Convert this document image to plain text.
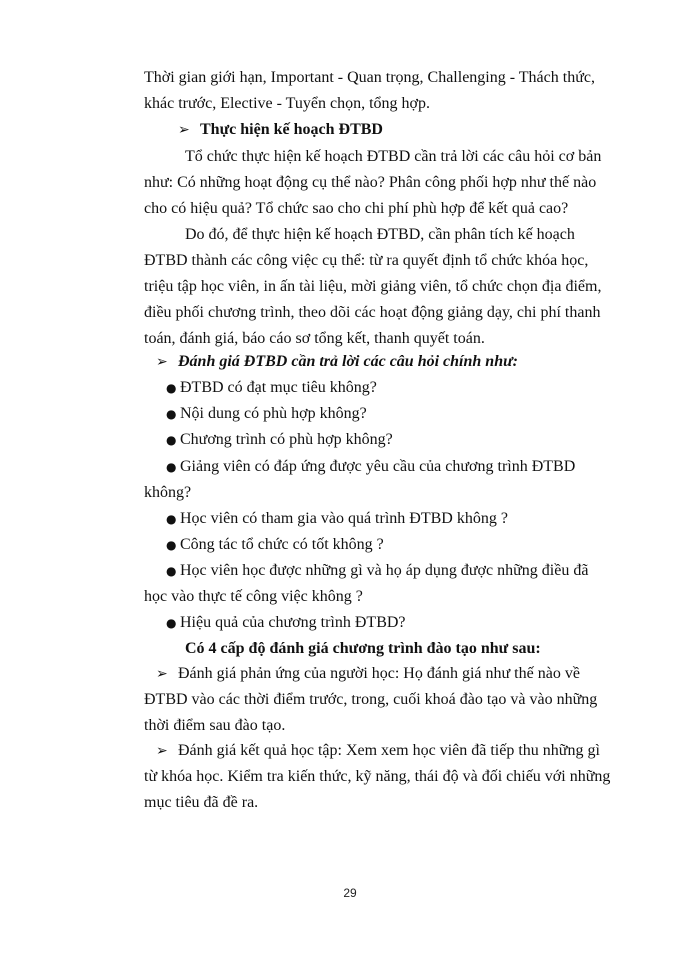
Thời gian giới hạn, Important - Quan trọng, Challenging - Thách thức,
khác trước, Elective - Tuyển chọn, tổng hợp.
➢ Thực hiện kế hoạch ĐTBD
Tổ chức thực hiện kế hoạch ĐTBD cần trả lời các câu hỏi cơ bản
như: Có những hoạt động cụ thể nào? Phân công phối hợp như thế nào
cho có hiệu quả? Tổ chức sao cho chi phí phù hợp để kết quả cao?
Do đó, để thực hiện kế hoạch ĐTBD, cần phân tích kế hoạch
ĐTBD thành các công việc cụ thể: từ ra quyết định tổ chức khóa học,
triệu tập học viên, in ấn tài liệu, mời giảng viên, tổ chức chọn địa điểm,
điều phối chương trình, theo dõi các hoạt động giảng dạy, chi phí thanh
toán, đánh giá, báo cáo sơ tổng kết, thanh quyết toán.
➢ Đánh giá ĐTBD cần trả lời các câu hỏi chính như:
● ĐTBD có đạt mục tiêu không?
● Nội dung có phù hợp không?
● Chương trình có phù hợp không?
● Giảng viên có đáp ứng được yêu cầu của chương trình ĐTBD
không?
● Học viên có tham gia vào quá trình ĐTBD không ?
● Công tác tổ chức có tốt không ?
● Học viên học được những gì và họ áp dụng được những điều đã
học vào thực tế công việc không ?
● Hiệu quả của chương trình ĐTBD?
Có 4 cấp độ đánh giá chương trình đào tạo như sau:
➢ Đánh giá phản ứng của người học: Họ đánh giá như thế nào về
ĐTBD vào các thời điểm trước, trong, cuối khoá đào tạo và vào những
thời điểm sau đào tạo.
➢ Đánh giá kết quả học tập: Xem xem học viên đã tiếp thu những gì
từ khóa học. Kiểm tra kiến thức, kỹ năng, thái độ và đối chiếu với những
mục tiêu đã đề ra.
29
